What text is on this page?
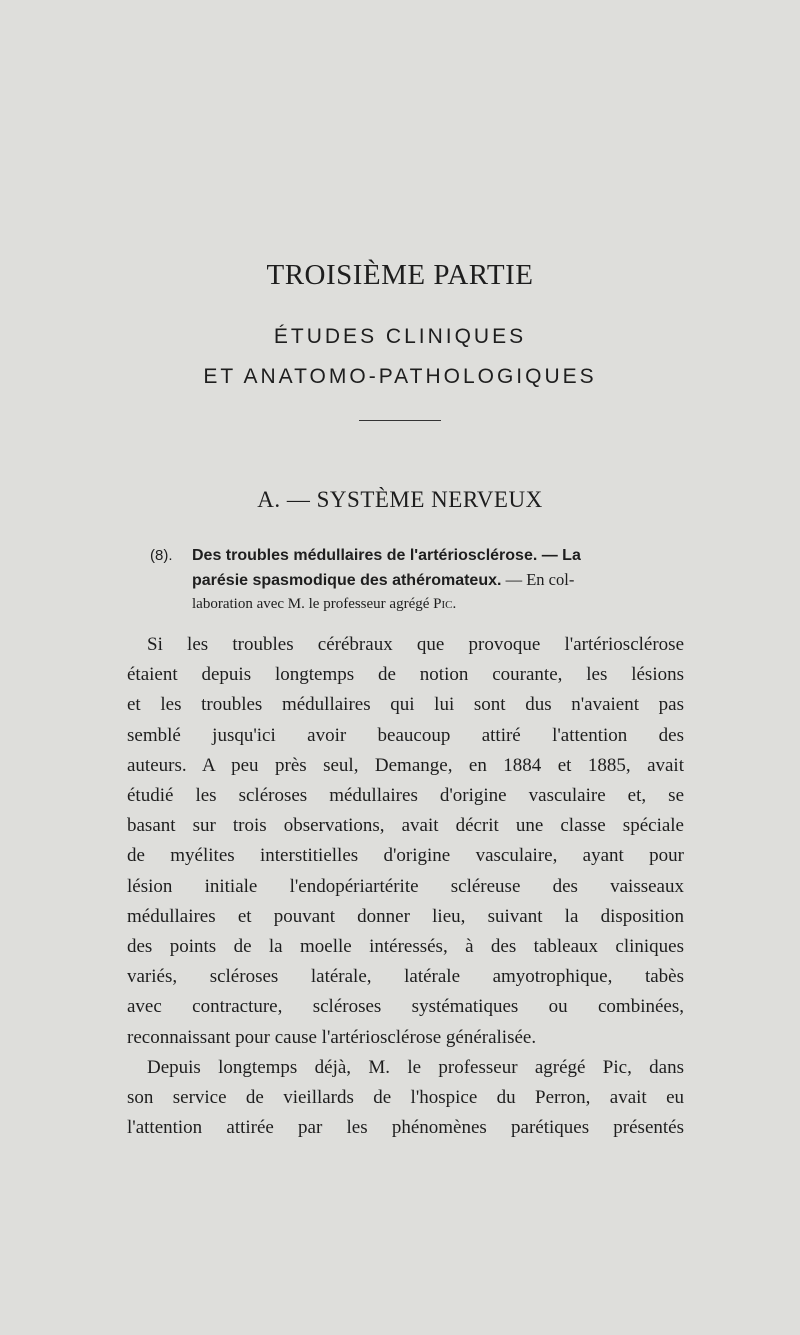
TROISIÈME PARTIE
ÉTUDES CLINIQUES
ET ANATOMO-PATHOLOGIQUES
A. — SYSTÈME NERVEUX
(8). Des troubles médullaires de l'artériosclérose. — La
parésie spasmodique des athéromateux. — En col-
laboration avec M. le professeur agrégé Pic.

Si les troubles cérébraux que provoque l'artériosclérose
étaient depuis longtemps de notion courante, les lésions
et les troubles médullaires qui lui sont dus n'avaient pas
semblé jusqu'ici avoir beaucoup attiré l'attention des
auteurs. A peu près seul, Demange, en 1884 et 1885, avait
étudié les scléroses médullaires d'origine vasculaire et, se
basant sur trois observations, avait décrit une classe spéciale
de myélites interstitielles d'origine vasculaire, ayant pour
lésion initiale l'endopériartérite scléreuse des vaisseaux
médullaires et pouvant donner lieu, suivant la disposition
des points de la moelle intéressés, à des tableaux cliniques
variés, scléroses latérale, latérale amyotrophique, tabès
avec contracture, scléroses systématiques ou combinées,
reconnaissant pour cause l'artériosclérose généralisée.

Depuis longtemps déjà, M. le professeur agrégé Pic, dans
son service de vieillards de l'hospice du Perron, avait eu
l'attention attirée par les phénomènes parétiques présentés
